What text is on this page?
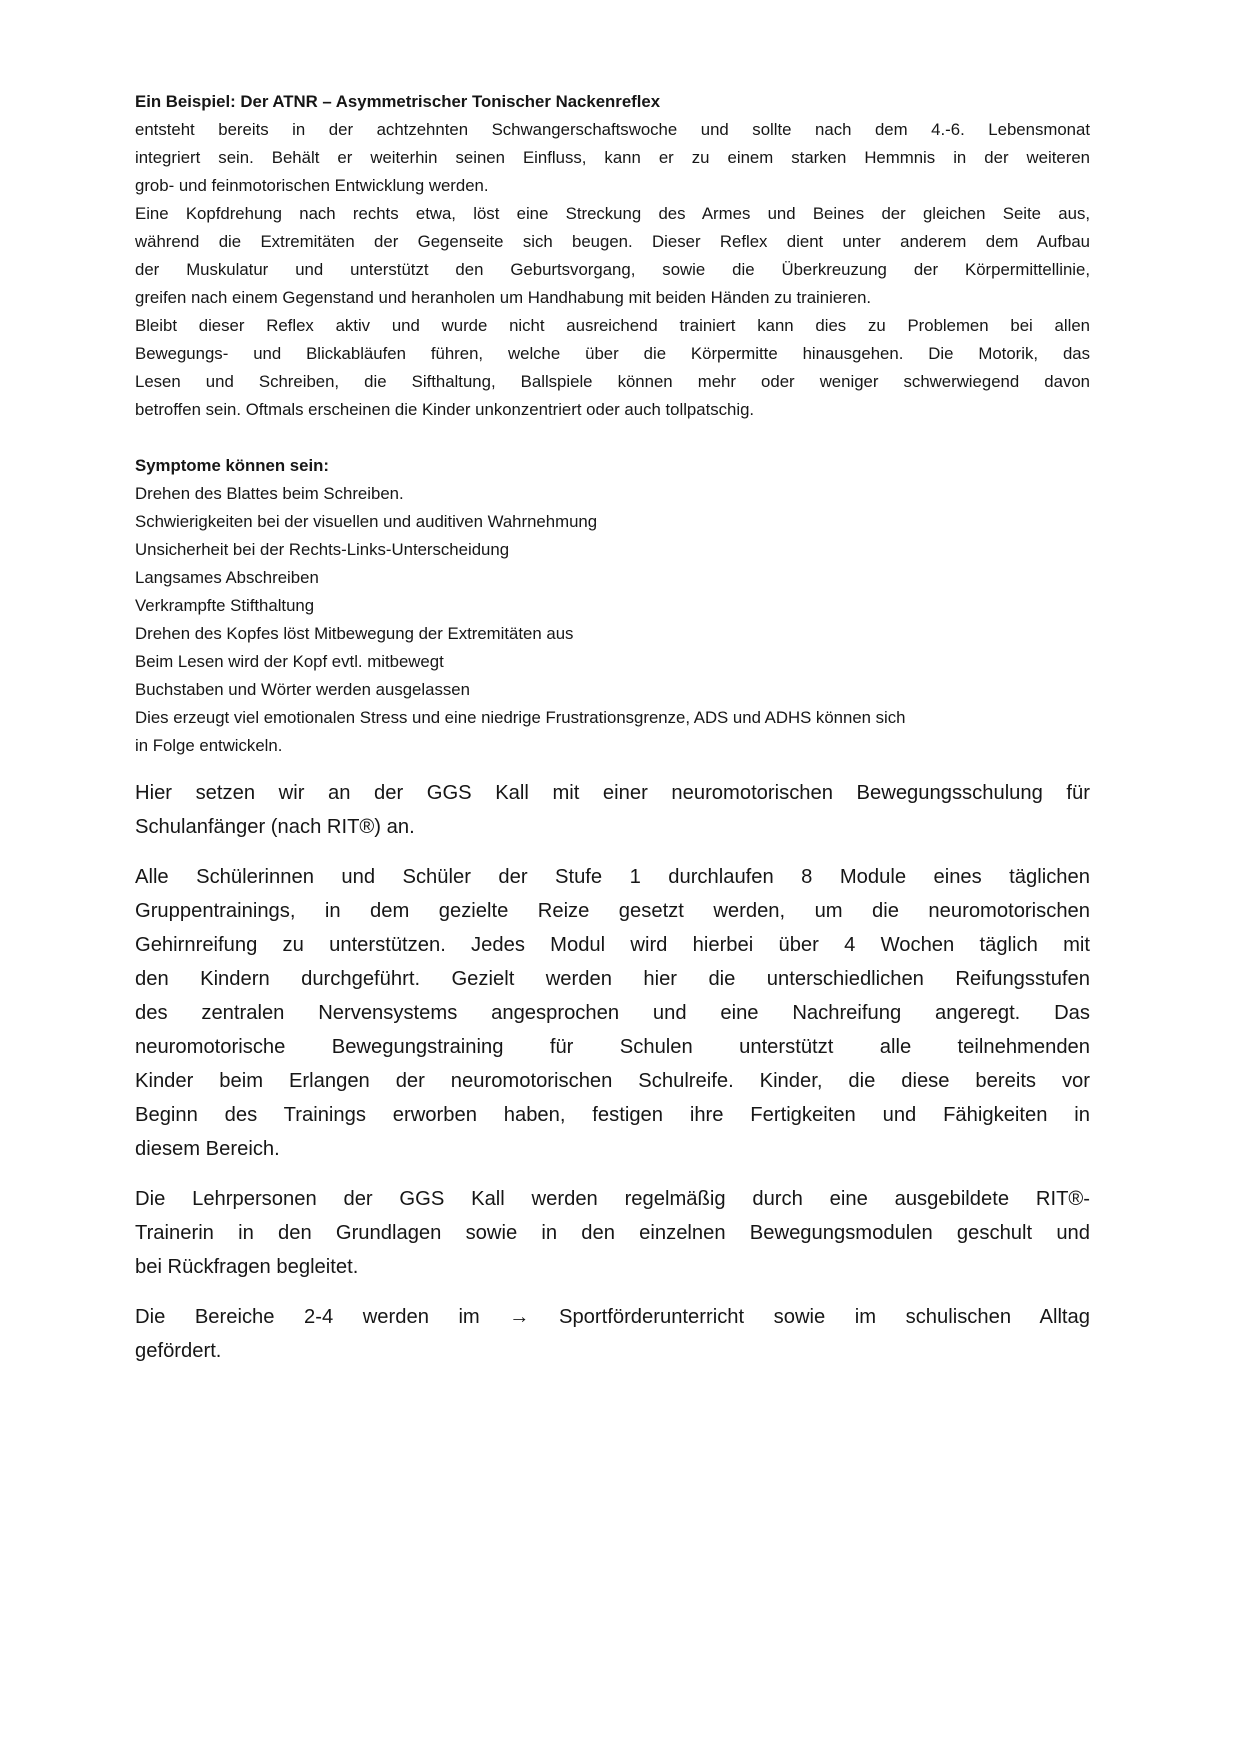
Ein Beispiel: Der ATNR – Asymmetrischer Tonischer Nackenreflex
entsteht bereits in der achtzehnten Schwangerschaftswoche und sollte nach dem 4.-6. Lebensmonat
integriert sein. Behält er weiterhin seinen Einfluss, kann er zu einem starken Hemmnis in der weiteren
grob- und feinmotorischen Entwicklung werden.
Eine Kopfdrehung nach rechts etwa, löst eine Streckung des Armes und Beines der gleichen Seite aus,
während die Extremitäten der Gegenseite sich beugen. Dieser Reflex dient unter anderem dem Aufbau
der Muskulatur und unterstützt den Geburtsvorgang, sowie die Überkreuzung der Körpermittellinie,
greifen nach einem Gegenstand und heranholen um Handhabung mit beiden Händen zu trainieren.
Bleibt dieser Reflex aktiv und wurde nicht ausreichend trainiert kann dies zu Problemen bei allen
Bewegungs- und Blickabläufen führen, welche über die Körpermitte hinausgehen. Die Motorik, das
Lesen und Schreiben, die Sifthaltung, Ballspiele können mehr oder weniger schwerwiegend davon
betroffen sein. Oftmals erscheinen die Kinder unkonzentriert oder auch tollpatschig.
Symptome können sein:
Drehen des Blattes beim Schreiben.
Schwierigkeiten bei der visuellen und auditiven Wahrnehmung
Unsicherheit bei der Rechts-Links-Unterscheidung
Langsames Abschreiben
Verkrampfte Stifthaltung
Drehen des Kopfes löst Mitbewegung der Extremitäten aus
Beim Lesen wird der Kopf evtl. mitbewegt
Buchstaben und Wörter werden ausgelassen
Dies erzeugt viel emotionalen Stress und eine niedrige Frustrationsgrenze, ADS und ADHS können sich
in Folge entwickeln.
Hier setzen wir an der GGS Kall mit einer neuromotorischen Bewegungsschulung für
Schulanfänger (nach RIT®) an.
Alle Schülerinnen und Schüler der Stufe 1 durchlaufen 8 Module eines täglichen
Gruppentrainings, in dem gezielte Reize gesetzt werden, um die neuromotorischen
Gehirnreifung zu unterstützen. Jedes Modul wird hierbei über 4 Wochen täglich mit
den Kindern durchgeführt. Gezielt werden hier die unterschiedlichen Reifungsstufen
des zentralen Nervensystems angesprochen und eine Nachreifung angeregt. Das
neuromotorische Bewegungstraining für Schulen unterstützt alle teilnehmenden
Kinder beim Erlangen der neuromotorischen Schulreife. Kinder, die diese bereits vor
Beginn des Trainings erworben haben, festigen ihre Fertigkeiten und Fähigkeiten in
diesem Bereich.
Die Lehrpersonen der GGS Kall werden regelmäßig durch eine ausgebildete RIT®-
Trainerin in den Grundlagen sowie in den einzelnen Bewegungsmodulen geschult und
bei Rückfragen begleitet.
Die Bereiche 2-4 werden im → Sportförderunterricht sowie im schulischen Alltag
gefördert.
